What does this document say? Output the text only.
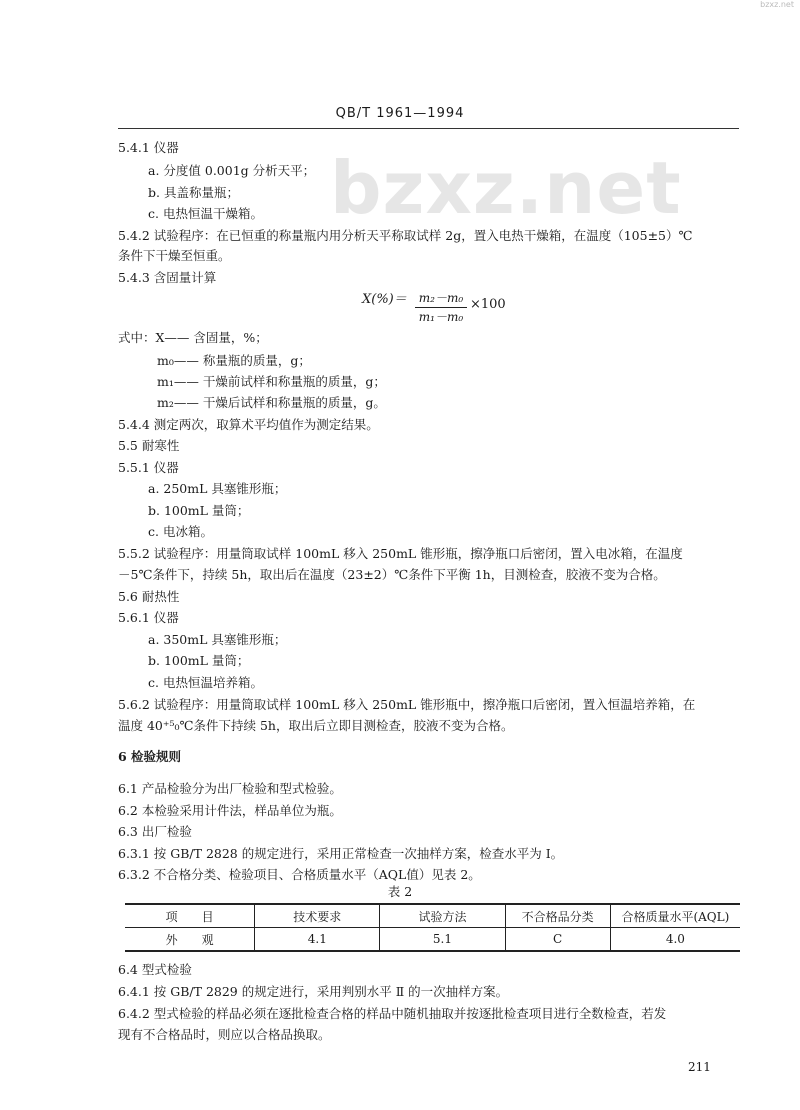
bzxz.net
bzxz.net
QB/T 1961—1994
5.4.1 仪器
a. 分度值 0.001g 分析天平；
b. 具盖称量瓶；
c. 电热恒温干燥箱。
5.4.2 试验程序：在已恒重的称量瓶内用分析天平称取试样 2g，置入电热干燥箱，在温度（105±5）℃
条件下干燥至恒重。
5.4.3 含固量计算
$X(\%)= \frac{\text{m₂－m₀}}{\text{m₁－m₀}} \times 100$
式中：X—— 含固量，%；
m₀—— 称量瓶的质量，g；
m₁—— 干燥前试样和称量瓶的质量，g；
m₂—— 干燥后试样和称量瓶的质量，g。
5.4.4 测定两次，取算术平均值作为测定结果。
5.5 耐寒性
5.5.1 仪器
a. 250mL 具塞锥形瓶；
b. 100mL 量筒；
c. 电冰箱。
5.5.2 试验程序：用量筒取试样 100mL 移入 250mL 锥形瓶，擦净瓶口后密闭，置入电冰箱，在温度
－5℃条件下，持续 5h，取出后在温度（23±2）℃条件下平衡 1h，目测检查，胶液不变为合格。
5.6 耐热性
5.6.1 仪器
a. 350mL 具塞锥形瓶；
b. 100mL 量筒；
c. 电热恒温培养箱。
5.6.2 试验程序：用量筒取试样 100mL 移入 250mL 锥形瓶中，擦净瓶口后密闭，置入恒温培养箱，在
温度 40⁺⁵₀℃条件下持续 5h，取出后立即目测检查，胶液不变为合格。
6 检验规则
6.1 产品检验分为出厂检验和型式检验。
6.2 本检验采用计件法，样品单位为瓶。
6.3 出厂检验
6.3.1 按 GB/T 2828 的规定进行，采用正常检查一次抽样方案，检查水平为 Ⅰ。
6.3.2 不合格分类、检验项目、合格质量水平（AQL值）见表 2。
表 2
项　　目	技术要求	试验方法	不合格品分类	合格质量水平(AQL)
外　　观	4.1	5.1	C	4.0
6.4 型式检验
6.4.1 按 GB/T 2829 的规定进行，采用判别水平 Ⅱ 的一次抽样方案。
6.4.2 型式检验的样品必须在逐批检查合格的样品中随机抽取并按逐批检查项目进行全数检查，若发
现有不合格品时，则应以合格品换取。
211
